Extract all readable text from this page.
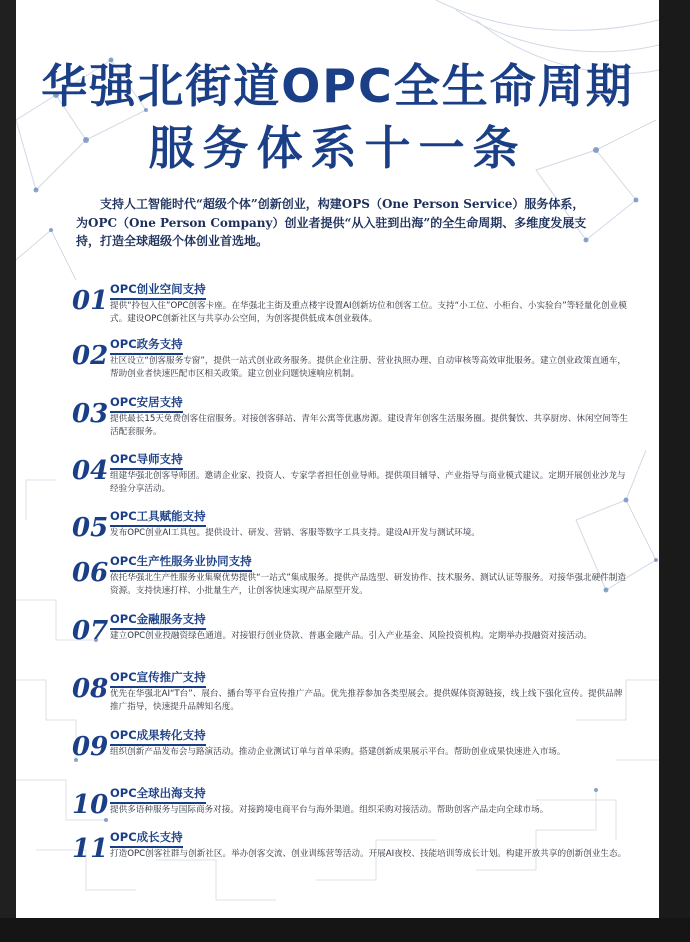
华强北街道OPC全生命周期
服务体系十一条
支持人工智能时代“超级个体”创新创业，构建OPS（One Person Service）服务体系，为OPC（One Person Company）创业者提供“从入驻到出海”的全生命周期、多维度发展支持，打造全球超级个体创业首选地。
01 OPC创业空间支持
提供“拎包入住”OPC创客卡座。在华强北主街及重点楼宇设置AI创新坊位和创客工位。支持“小工位、小柜台、小实验台”等轻量化创业模式。建设OPC创新社区与共享办公空间，为创客提供低成本创业载体。
02 OPC政务支持
社区设立“创客服务专窗”，提供一站式创业政务服务。提供企业注册、营业执照办理、自动审核等高效审批服务。建立创业政策直通车，帮助创业者快速匹配市区相关政策。建立创业问题快速响应机制。
03 OPC安居支持
提供最长15天免费创客住宿服务。对接创客驿站、青年公寓等优惠房源。建设青年创客生活服务圈。提供餐饮、共享厨房、休闲空间等生活配套服务。
04 OPC导师支持
组建华强北创客导师团。邀请企业家、投资人、专家学者担任创业导师。提供项目辅导、产业指导与商业模式建议。定期开展创业沙龙与经验分享活动。
05 OPC工具赋能支持
发布OPC创业AI工具包。提供设计、研发、营销、客服等数字工具支持。建设AI开发与测试环境。
06 OPC生产性服务业协同支持
依托华强北生产性服务业集聚优势提供“一站式”集成服务。提供产品选型、研发协作、技术服务、测试认证等服务。对接华强北硬件制造资源。支持快速打样、小批量生产，让创客快速实现产品原型开发。
07 OPC金融服务支持
建立OPC创业投融资绿色通道。对接银行创业贷款、普惠金融产品。引入产业基金、风险投资机构。定期举办投融资对接活动。
08 OPC宣传推广支持
优先在华强北AI“T台”、展台、播台等平台宣传推广产品。优先推荐参加各类型展会。提供媒体资源链接，线上线下强化宣传。提供品牌推广指导，快速提升品牌知名度。
09 OPC成果转化支持
组织创新产品发布会与路演活动。推动企业测试订单与首单采购。搭建创新成果展示平台。帮助创业成果快速进入市场。
10 OPC全球出海支持
提供多语种服务与国际商务对接。对接跨境电商平台与海外渠道。组织采购对接活动。帮助创客产品走向全球市场。
11 OPC成长支持
打造OPC创客社群与创新社区。举办创客交流、创业训练营等活动。开展AI夜校、技能培训等成长计划。构建开放共享的创新创业生态。
